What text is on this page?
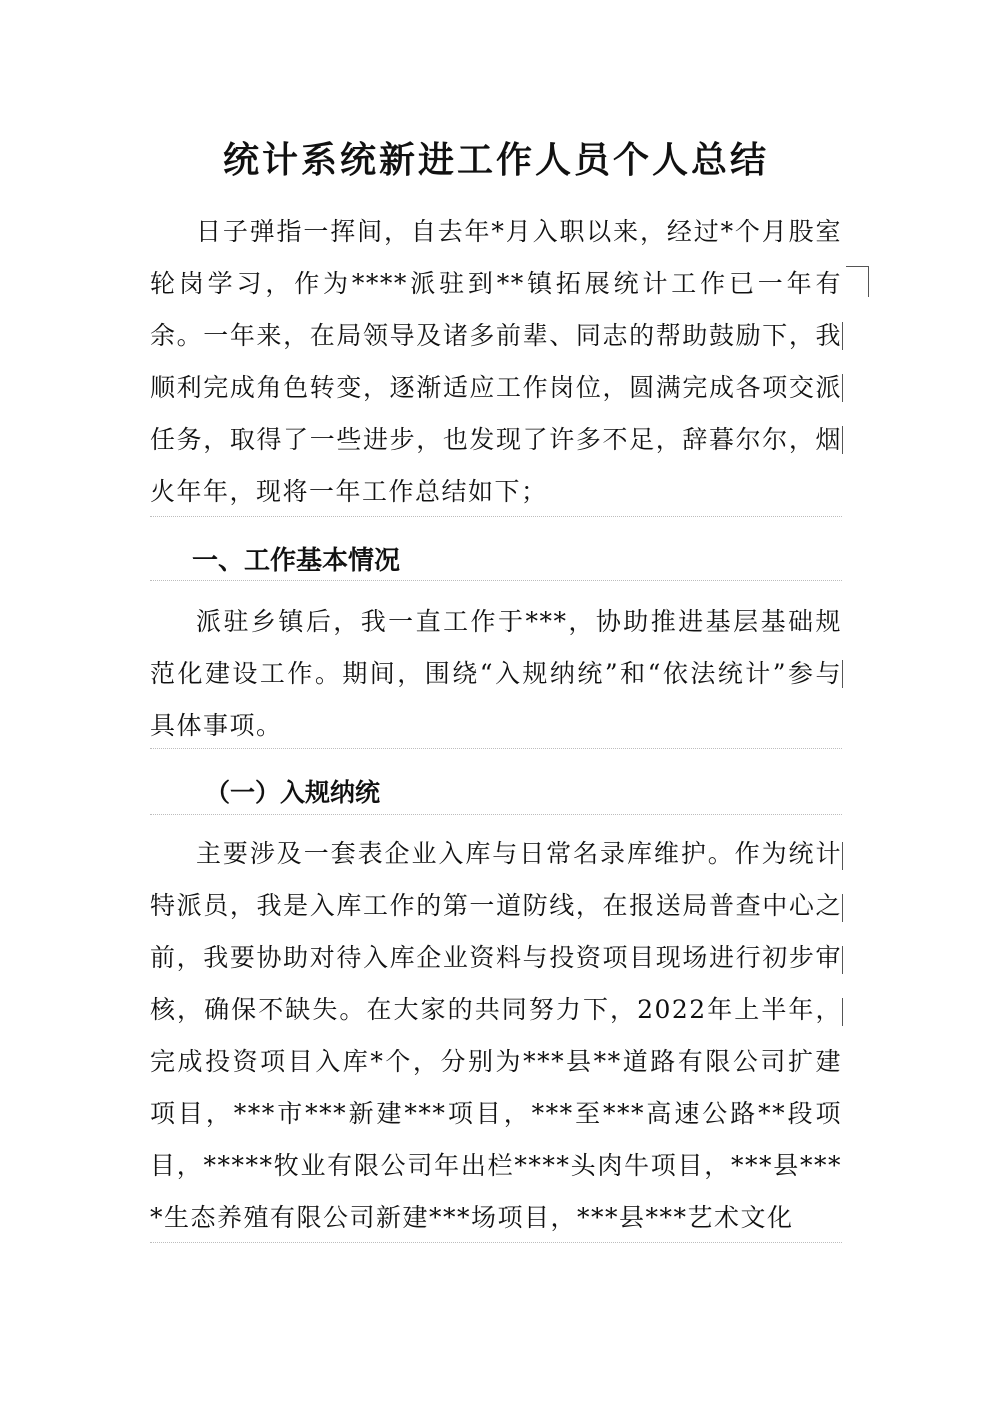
统计系统新进工作人员个人总结

日子弹指一挥间，自去年*月入职以来，经过*个月股室轮岗学习，作为****派驻到**镇拓展统计工作已一年有余。一年来，在局领导及诸多前辈、同志的帮助鼓励下，我顺利完成角色转变，逐渐适应工作岗位，圆满完成各项交派任务，取得了一些进步，也发现了许多不足，辞暮尔尔，烟火年年，现将一年工作总结如下；

一、工作基本情况

派驻乡镇后，我一直工作于***，协助推进基层基础规范化建设工作。期间，围绕“入规纳统”和“依法统计”参与具体事项。

（一）入规纳统

主要涉及一套表企业入库与日常名录库维护。作为统计特派员，我是入库工作的第一道防线，在报送局普查中心之前，我要协助对待入库企业资料与投资项目现场进行初步审核，确保不缺失。在大家的共同努力下，2022年上半年，完成投资项目入库*个，分别为***县**道路有限公司扩建项目，***市***新建***项目，***至***高速公路**段项目，*****牧业有限公司年出栏****头肉牛项目，***县****生态养殖有限公司新建***场项目，***县***艺术文化
